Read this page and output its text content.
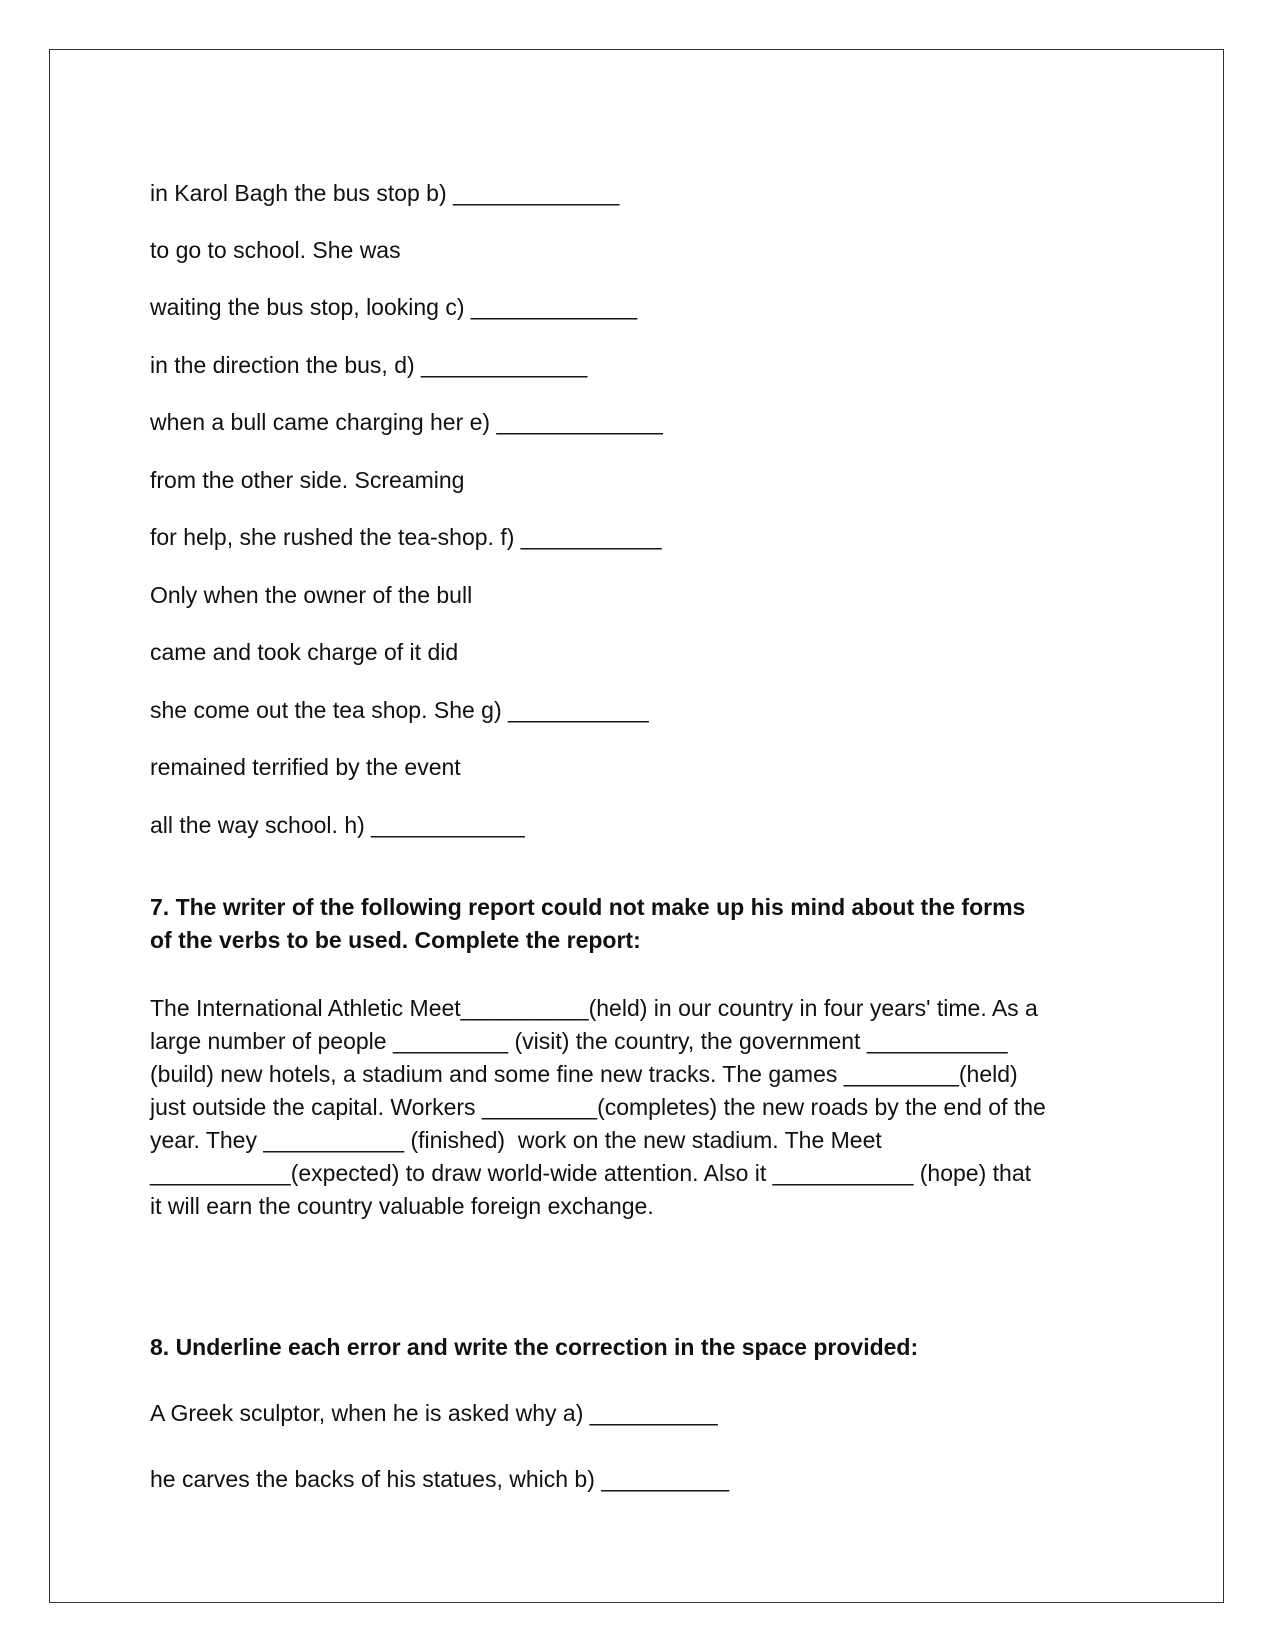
in Karol Bagh the bus stop b) _____________
to go to school. She was
waiting the bus stop, looking c) _____________
in the direction the bus, d) _____________
when a bull came charging her e) _____________
from the other side. Screaming
for help, she rushed the tea-shop. f) ___________
Only when the owner of the bull
came and took charge of it did
she come out the tea shop. She g) ___________
remained terrified by the event
all the way school. h) ____________
7. The writer of the following report could not make up his mind about the forms
of the verbs to be used. Complete the report:
The International Athletic Meet__________(held) in our country in four years' time. As a
large number of people _________ (visit) the country, the government ___________
(build) new hotels, a stadium and some fine new tracks. The games _________(held)
just outside the capital. Workers _________(completes) the new roads by the end of the
year. They ___________ (finished)  work on the new stadium. The Meet
___________(expected) to draw world-wide attention. Also it ___________ (hope) that
it will earn the country valuable foreign exchange.
8. Underline each error and write the correction in the space provided:
A Greek sculptor, when he is asked why a) __________
he carves the backs of his statues, which b) __________
